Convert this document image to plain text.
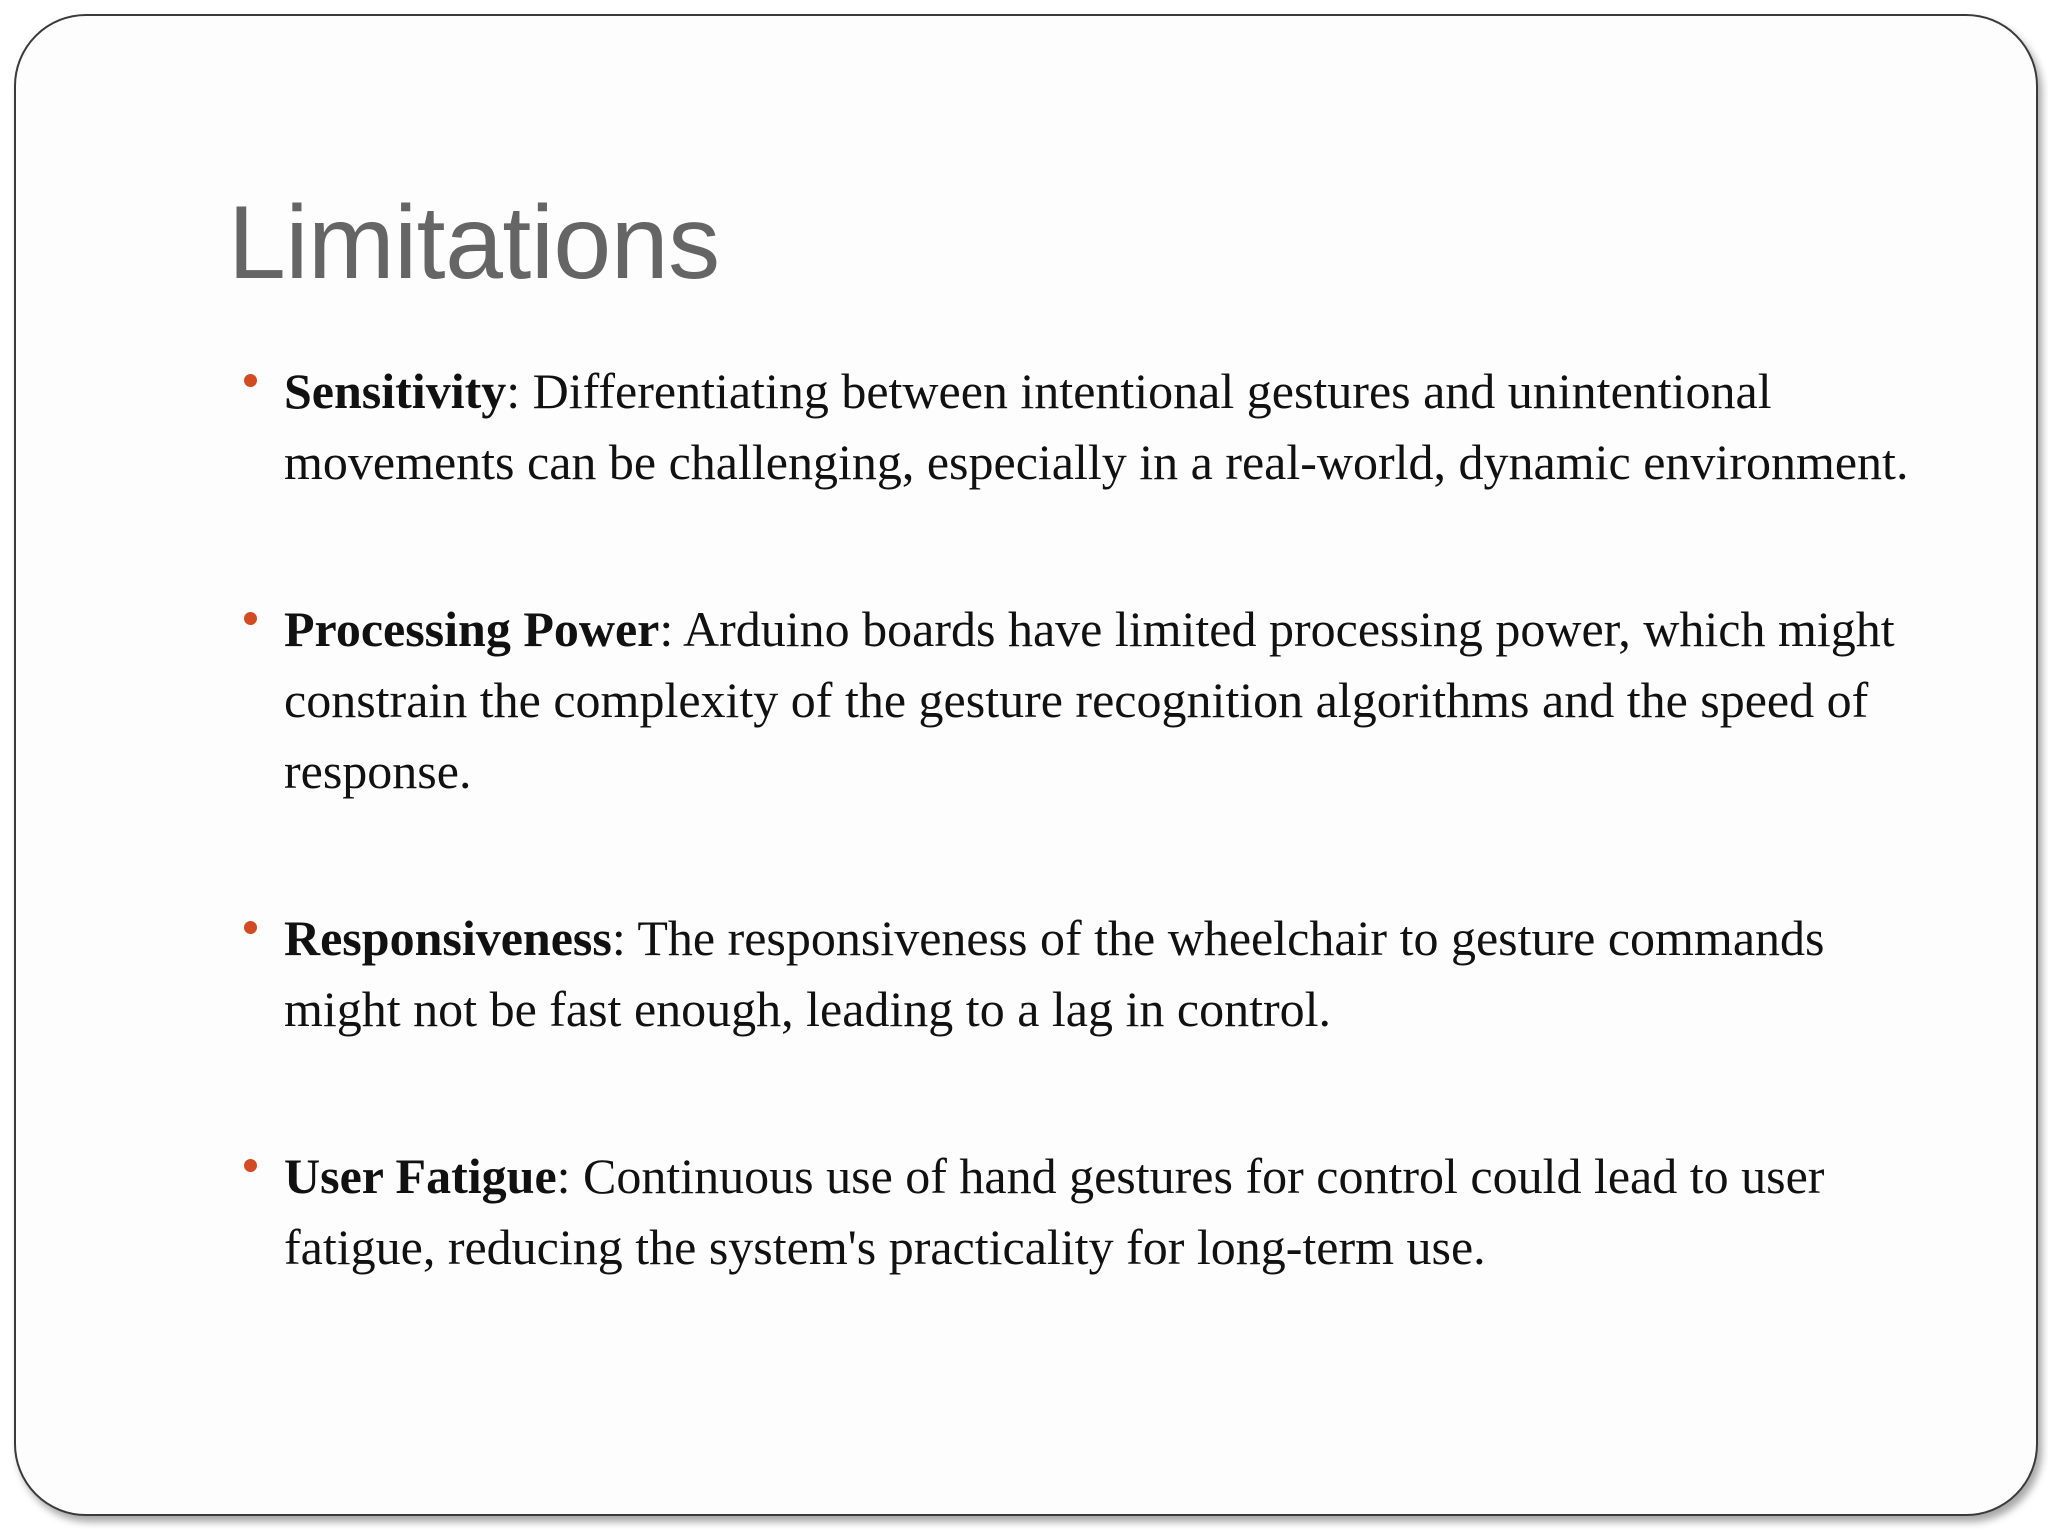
Limitations
Sensitivity: Differentiating between intentional gestures and unintentional movements can be challenging, especially in a real-world, dynamic environment.
Processing Power: Arduino boards have limited processing power, which might constrain the complexity of the gesture recognition algorithms and the speed of response.
Responsiveness: The responsiveness of the wheelchair to gesture commands might not be fast enough, leading to a lag in control.
User Fatigue: Continuous use of hand gestures for control could lead to user fatigue, reducing the system's practicality for long-term use.
